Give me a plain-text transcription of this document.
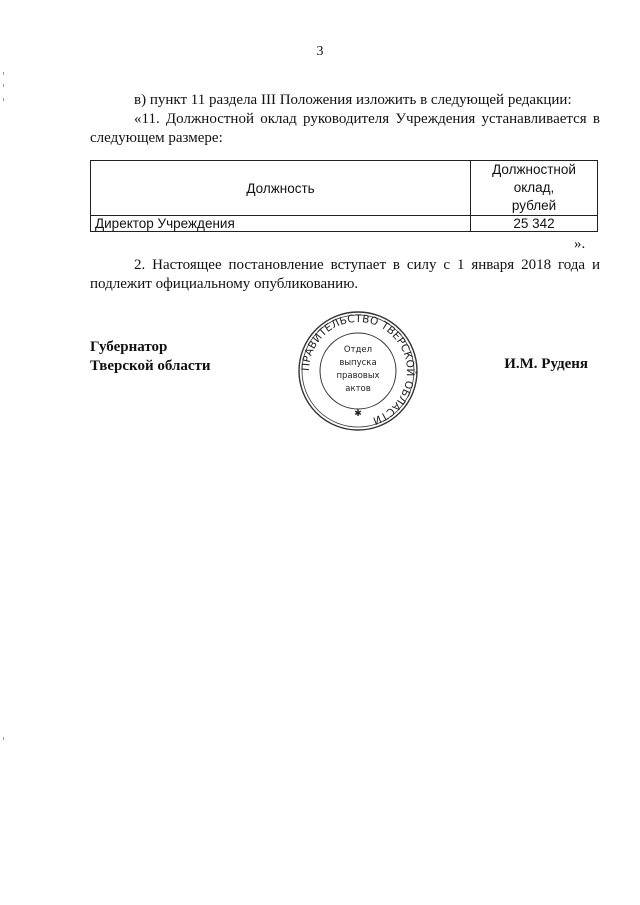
3
в) пункт 11 раздела III Положения изложить в следующей редакции:
«11. Должностной оклад руководителя Учреждения устанавливается в
следующем размере:
Должность	Должностной
оклад,
рублей

Директор Учреждения	25 342
».
2. Настоящее постановление вступает в силу с 1 января 2018 года и
подлежит официальному опубликованию.
Губернатор
Тверской области	ПРАВИТЕЛЬСТВО ТВЕРСКОЙ ОБЛАСТИ
Отдел
выпуска
правовых
актов
✱
И.М. Руденя
